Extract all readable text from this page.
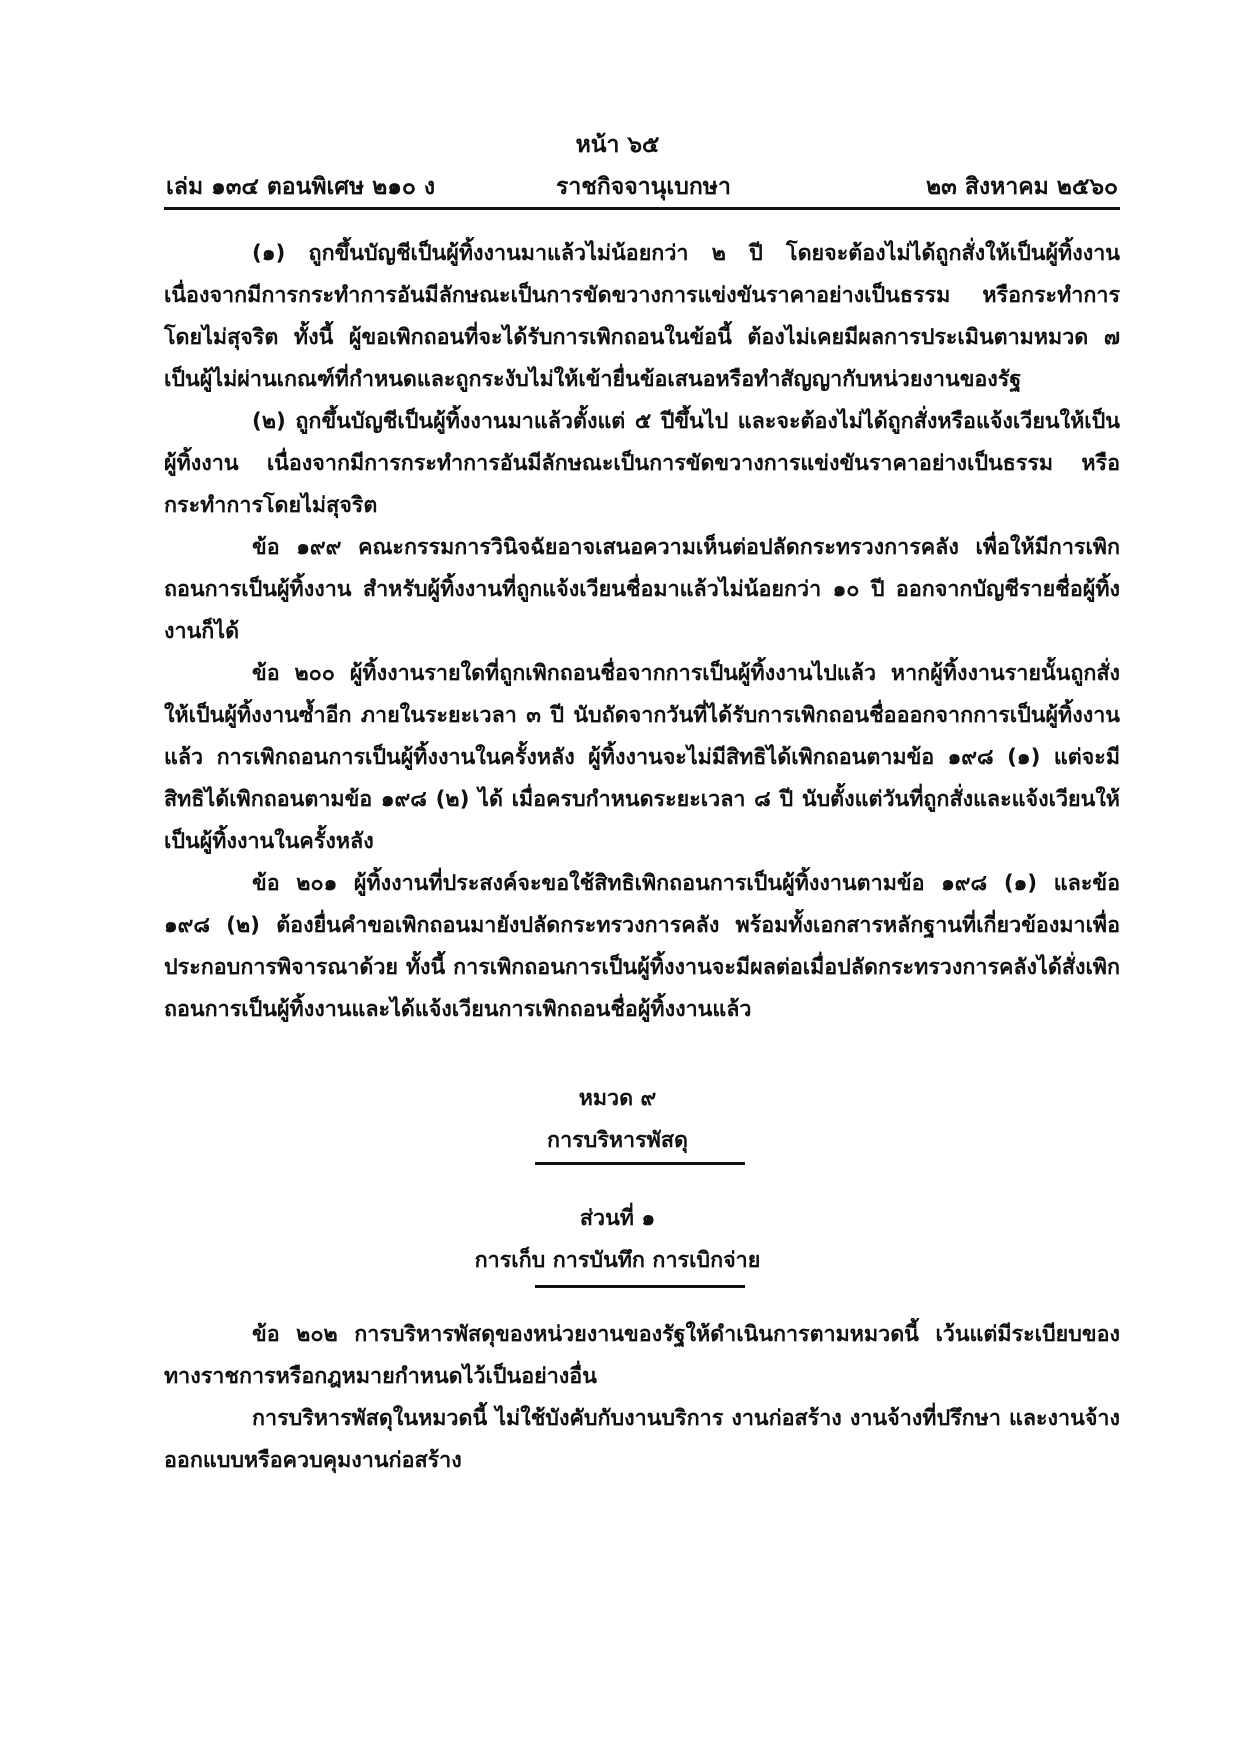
หน้า ๖๕
เล่ม ๑๓๔ ตอนพิเศษ ๒๑๐ ง	ราชกิจจานุเบกษา	๒๓ สิงหาคม ๒๕๖๐

(๑) ถูกขึ้นบัญชีเป็นผู้ทิ้งงานมาแล้วไม่น้อยกว่า ๒ ปี โดยจะต้องไม่ได้ถูกสั่งให้เป็นผู้ทิ้งงาน เนื่องจากมีการกระทำการอันมีลักษณะเป็นการขัดขวางการแข่งขันราคาอย่างเป็นธรรม หรือกระทำการโดยไม่สุจริต ทั้งนี้ ผู้ขอเพิกถอนที่จะได้รับการเพิกถอนในข้อนี้ ต้องไม่เคยมีผลการประเมินตามหมวด ๗ เป็นผู้ไม่ผ่านเกณฑ์ที่กำหนดและถูกระงับไม่ให้เข้ายื่นข้อเสนอหรือทำสัญญากับหน่วยงานของรัฐ

(๒) ถูกขึ้นบัญชีเป็นผู้ทิ้งงานมาแล้วตั้งแต่ ๕ ปีขึ้นไป และจะต้องไม่ได้ถูกสั่งหรือแจ้งเวียนให้เป็นผู้ทิ้งงาน เนื่องจากมีการกระทำการอันมีลักษณะเป็นการขัดขวางการแข่งขันราคาอย่างเป็นธรรม หรือกระทำการโดยไม่สุจริต

ข้อ ๑๙๙ คณะกรรมการวินิจฉัยอาจเสนอความเห็นต่อปลัดกระทรวงการคลัง เพื่อให้มีการเพิกถอนการเป็นผู้ทิ้งงาน สำหรับผู้ทิ้งงานที่ถูกแจ้งเวียนชื่อมาแล้วไม่น้อยกว่า ๑๐ ปี ออกจากบัญชีรายชื่อผู้ทิ้งงานก็ได้

ข้อ ๒๐๐ ผู้ทิ้งงานรายใดที่ถูกเพิกถอนชื่อจากการเป็นผู้ทิ้งงานไปแล้ว หากผู้ทิ้งงานรายนั้นถูกสั่งให้เป็นผู้ทิ้งงานซ้ำอีก ภายในระยะเวลา ๓ ปี นับถัดจากวันที่ได้รับการเพิกถอนชื่อออกจากการเป็นผู้ทิ้งงานแล้ว การเพิกถอนการเป็นผู้ทิ้งงานในครั้งหลัง ผู้ทิ้งงานจะไม่มีสิทธิได้เพิกถอนตามข้อ ๑๙๘ (๑) แต่จะมีสิทธิได้เพิกถอนตามข้อ ๑๙๘ (๒) ได้ เมื่อครบกำหนดระยะเวลา ๘ ปี นับตั้งแต่วันที่ถูกสั่งและแจ้งเวียนให้เป็นผู้ทิ้งงานในครั้งหลัง

ข้อ ๒๐๑ ผู้ทิ้งงานที่ประสงค์จะขอใช้สิทธิเพิกถอนการเป็นผู้ทิ้งงานตามข้อ ๑๙๘ (๑) และข้อ ๑๙๘ (๒) ต้องยื่นคำขอเพิกถอนมายังปลัดกระทรวงการคลัง พร้อมทั้งเอกสารหลักฐานที่เกี่ยวข้องมาเพื่อประกอบการพิจารณาด้วย ทั้งนี้ การเพิกถอนการเป็นผู้ทิ้งงานจะมีผลต่อเมื่อปลัดกระทรวงการคลังได้สั่งเพิกถอนการเป็นผู้ทิ้งงานและได้แจ้งเวียนการเพิกถอนชื่อผู้ทิ้งงานแล้ว

หมวด ๙

การบริหารพัสดุ

ส่วนที่ ๑

การเก็บ การบันทึก การเบิกจ่าย

ข้อ ๒๐๒ การบริหารพัสดุของหน่วยงานของรัฐให้ดำเนินการตามหมวดนี้ เว้นแต่มีระเบียบของทางราชการหรือกฎหมายกำหนดไว้เป็นอย่างอื่น

การบริหารพัสดุในหมวดนี้ ไม่ใช้บังคับกับงานบริการ งานก่อสร้าง งานจ้างที่ปรึกษา และงานจ้างออกแบบหรือควบคุมงานก่อสร้าง
